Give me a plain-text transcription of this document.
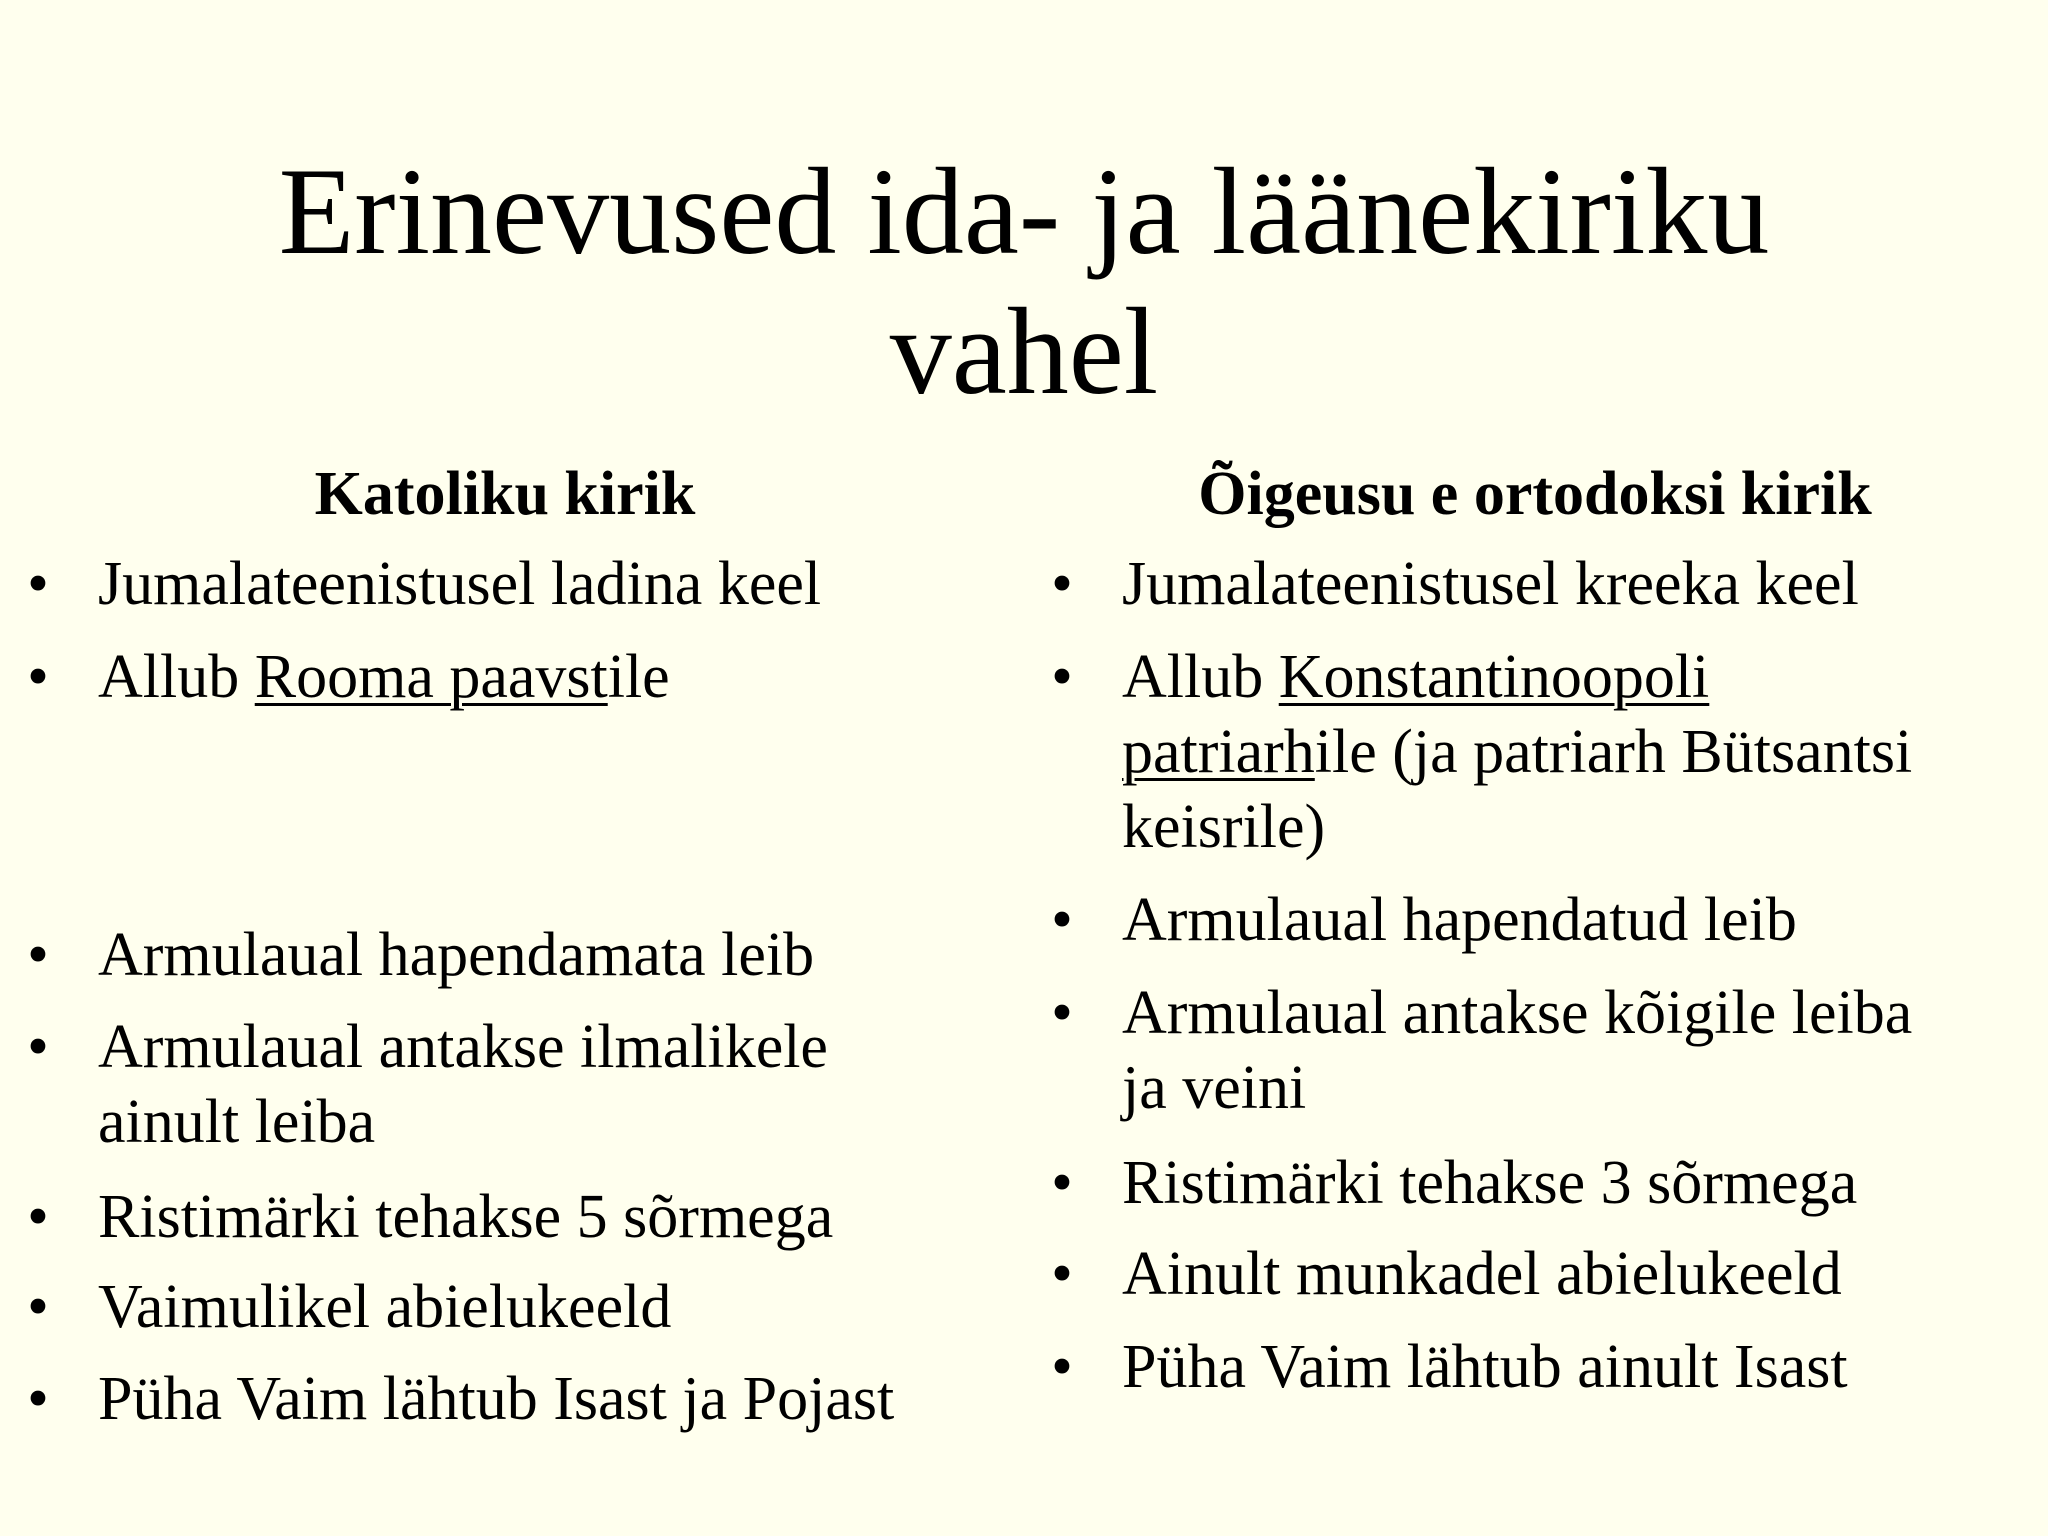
Erinevused ida- ja läänekiriku
vahel
Katoliku kirik	Õigeusu e ortodoksi kirik
• Jumalateenistusel ladina keel
• Allub Rooma paavstile
• Armulaual hapendamata leib
• Armulaual antakse ilmalikele
ainult leiba
• Ristimärki tehakse 5 sõrmega
• Vaimulikel abielukeeld
• Püha Vaim lähtub Isast ja Pojast
• Jumalateenistusel kreeka keel
• Allub Konstantinoopoli
patriarhile (ja patriarh Bütsantsi
keisrile)
• Armulaual hapendatud leib
• Armulaual antakse kõigile leiba
ja veini
• Ristimärki tehakse 3 sõrmega
• Ainult munkadel abielukeeld
• Püha Vaim lähtub ainult Isast
